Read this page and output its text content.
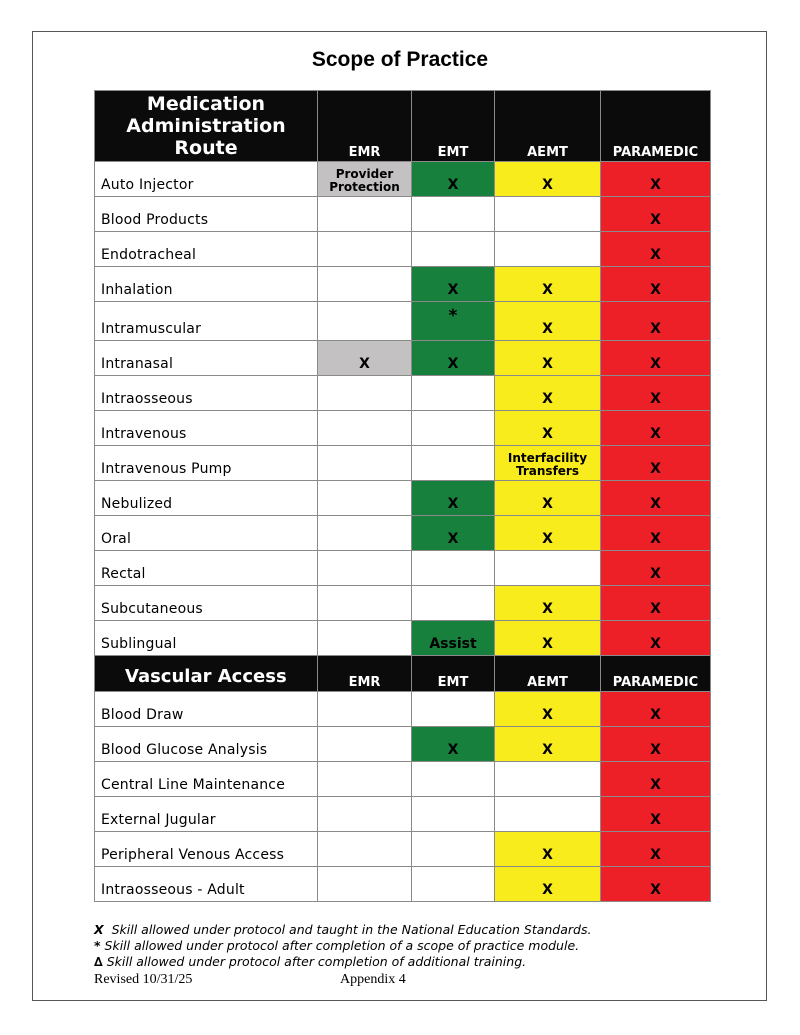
Scope of Practice
Medication Administration Route	EMR	EMT	AEMT	PARAMEDIC
Auto Injector	Provider Protection	X	X	X
Blood Products				X
Endotracheal				X
Inhalation		X	X	X
Intramuscular		*	X	X
Intranasal	X	X	X	X
Intraosseous			X	X
Intravenous			X	X
Intravenous Pump			Interfacility Transfers	X
Nebulized		X	X	X
Oral		X	X	X
Rectal				X
Subcutaneous			X	X
Sublingual		Assist	X	X
Vascular Access	EMR	EMT	AEMT	PARAMEDIC
Blood Draw			X	X
Blood Glucose Analysis		X	X	X
Central Line Maintenance				X
External Jugular				X
Peripheral Venous Access			X	X
Intraosseous - Adult			X	X
X Skill allowed under protocol and taught in the National Education Standards.
* Skill allowed under protocol after completion of a scope of practice module.
∆ Skill allowed under protocol after completion of additional training.
Revised 10/31/25	Appendix 4
